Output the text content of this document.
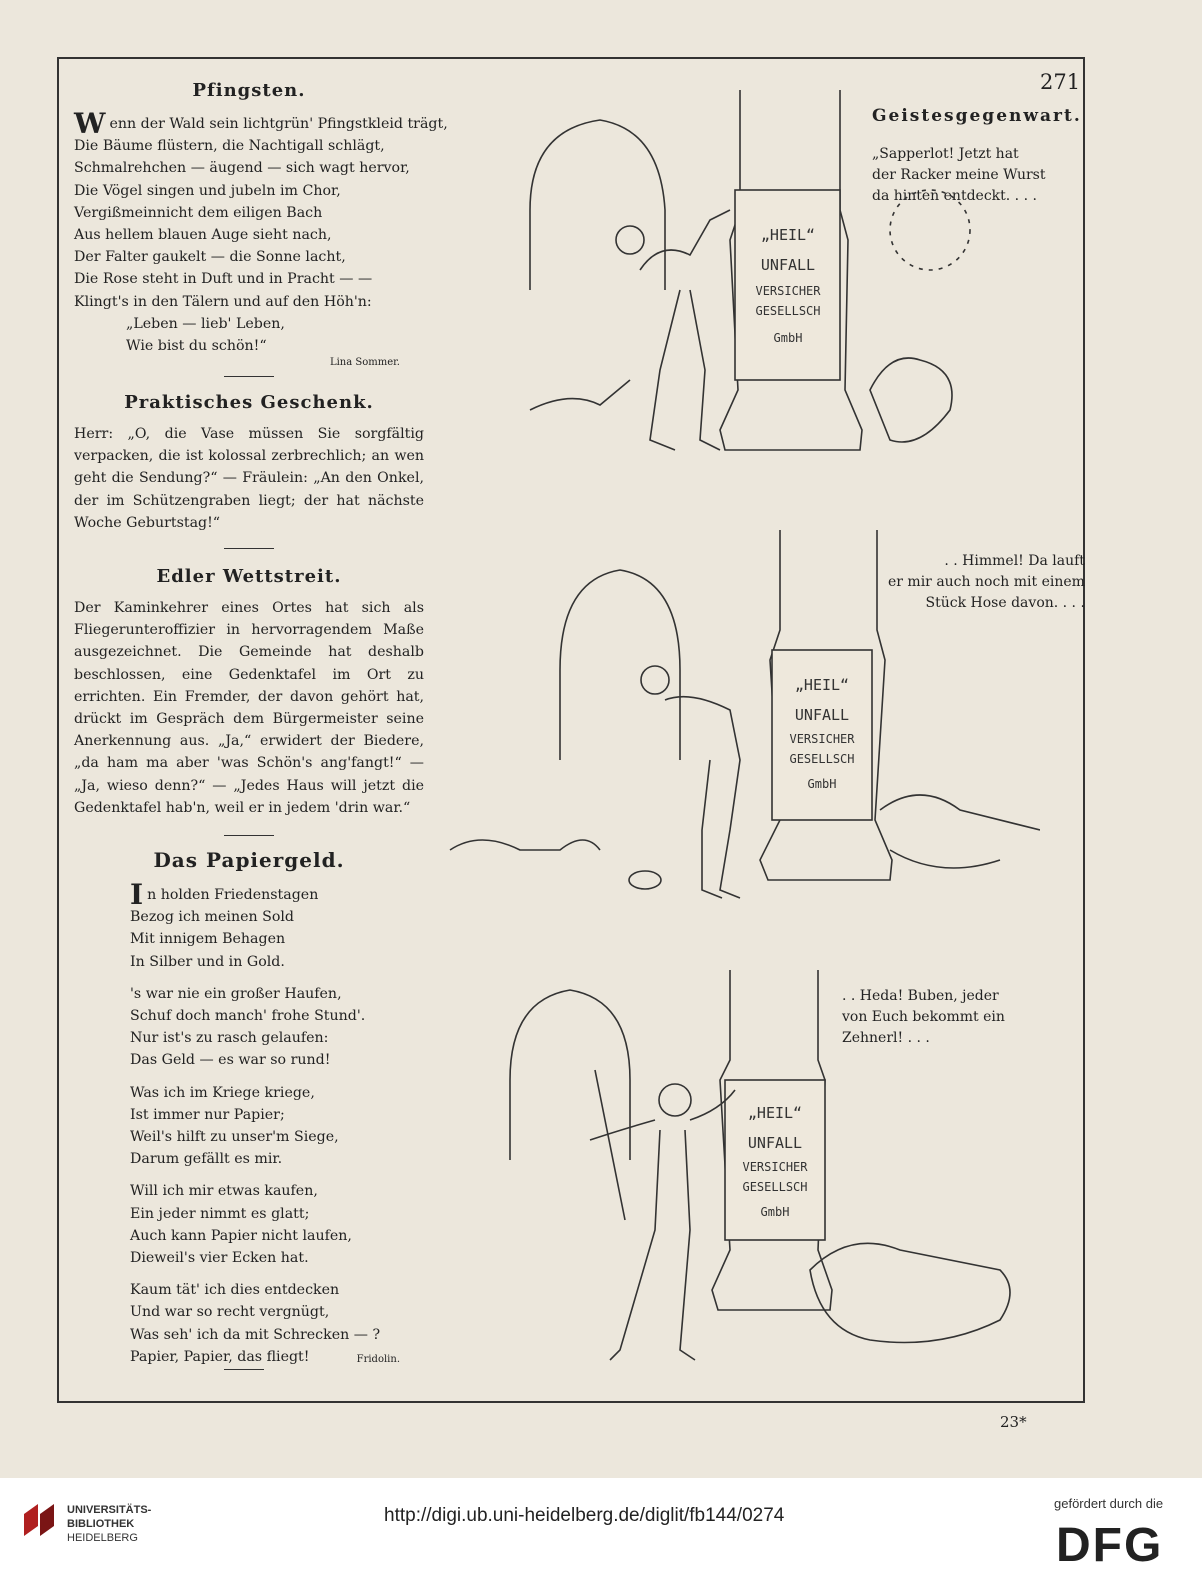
271
Pfingsten.
Wenn der Wald sein lichtgrün' Pfingstkleid trägt,
Die Bäume flüstern, die Nachtigall schlägt,
Schmalrehchen — äugend — sich wagt hervor,
Die Vögel singen und jubeln im Chor,
Vergißmeinnicht dem eiligen Bach
Aus hellem blauen Auge sieht nach,
Der Falter gaukelt — die Sonne lacht,
Die Rose steht in Duft und in Pracht — —
Klingt's in den Tälern und auf den Höh'n:
„Leben — lieb' Leben,
Wie bist du schön!“
Lina Sommer.
Praktisches Geschenk.
Herr: „O, die Vase müssen Sie sorgfältig verpacken, die ist kolossal zerbrechlich; an wen geht die Sendung?“ — Fräulein: „An den Onkel, der im Schützengraben liegt; der hat nächste Woche Geburtstag!“
Edler Wettstreit.
Der Kaminkehrer eines Ortes hat sich als Fliegerunteroffizier in hervorragendem Maße ausgezeichnet. Die Gemeinde hat deshalb beschlossen, eine Gedenktafel im Ort zu errichten. Ein Fremder, der davon gehört hat, drückt im Gespräch dem Bürgermeister seine Anerkennung aus. „Ja,“ erwidert der Biedere, „da ham ma aber 'was Schön's ang'fangt!“ — „Ja, wieso denn?“ — „Jedes Haus will jetzt die Gedenktafel hab'n, weil er in jedem 'drin war.“
Das Papiergeld.
In holden Friedenstagen
Bezog ich meinen Sold
Mit innigem Behagen
In Silber und in Gold.
's war nie ein großer Haufen,
Schuf doch manch' frohe Stund'.
Nur ist's zu rasch gelaufen:
Das Geld — es war so rund!
Was ich im Kriege kriege,
Ist immer nur Papier;
Weil's hilft zu unser'm Siege,
Darum gefällt es mir.
Will ich mir etwas kaufen,
Ein jeder nimmt es glatt;
Auch kann Papier nicht laufen,
Dieweil's vier Ecken hat.
Kaum tät' ich dies entdecken
Und war so recht vergnügt,
Was seh' ich da mit Schrecken — ?
Papier, Papier, das fliegt!	Fridolin.
Geistesgegenwart.
„Sapperlot! Jetzt hat
der Racker meine Wurst
da hinten entdeckt. . . .
. . Himmel! Da lauft
er mir auch noch mit einem
Stück Hose davon. . . .
. . Heda! Buben, jeder
von Euch bekommt ein
Zehnerl! . . .
„HEIL“
UNFALL
VERSICHER
GESELLSCH
GmbH
„HEIL“
UNFALL
VERSICHER
GESELLSCH
GmbH
„HEIL“
UNFALL
VERSICHER
GESELLSCH
GmbH
23*
UNIVERSITÄTS-
BIBLIOTHEK
HEIDELBERG
http://digi.ub.uni-heidelberg.de/diglit/fb144/0274
gefördert durch die
DFG
